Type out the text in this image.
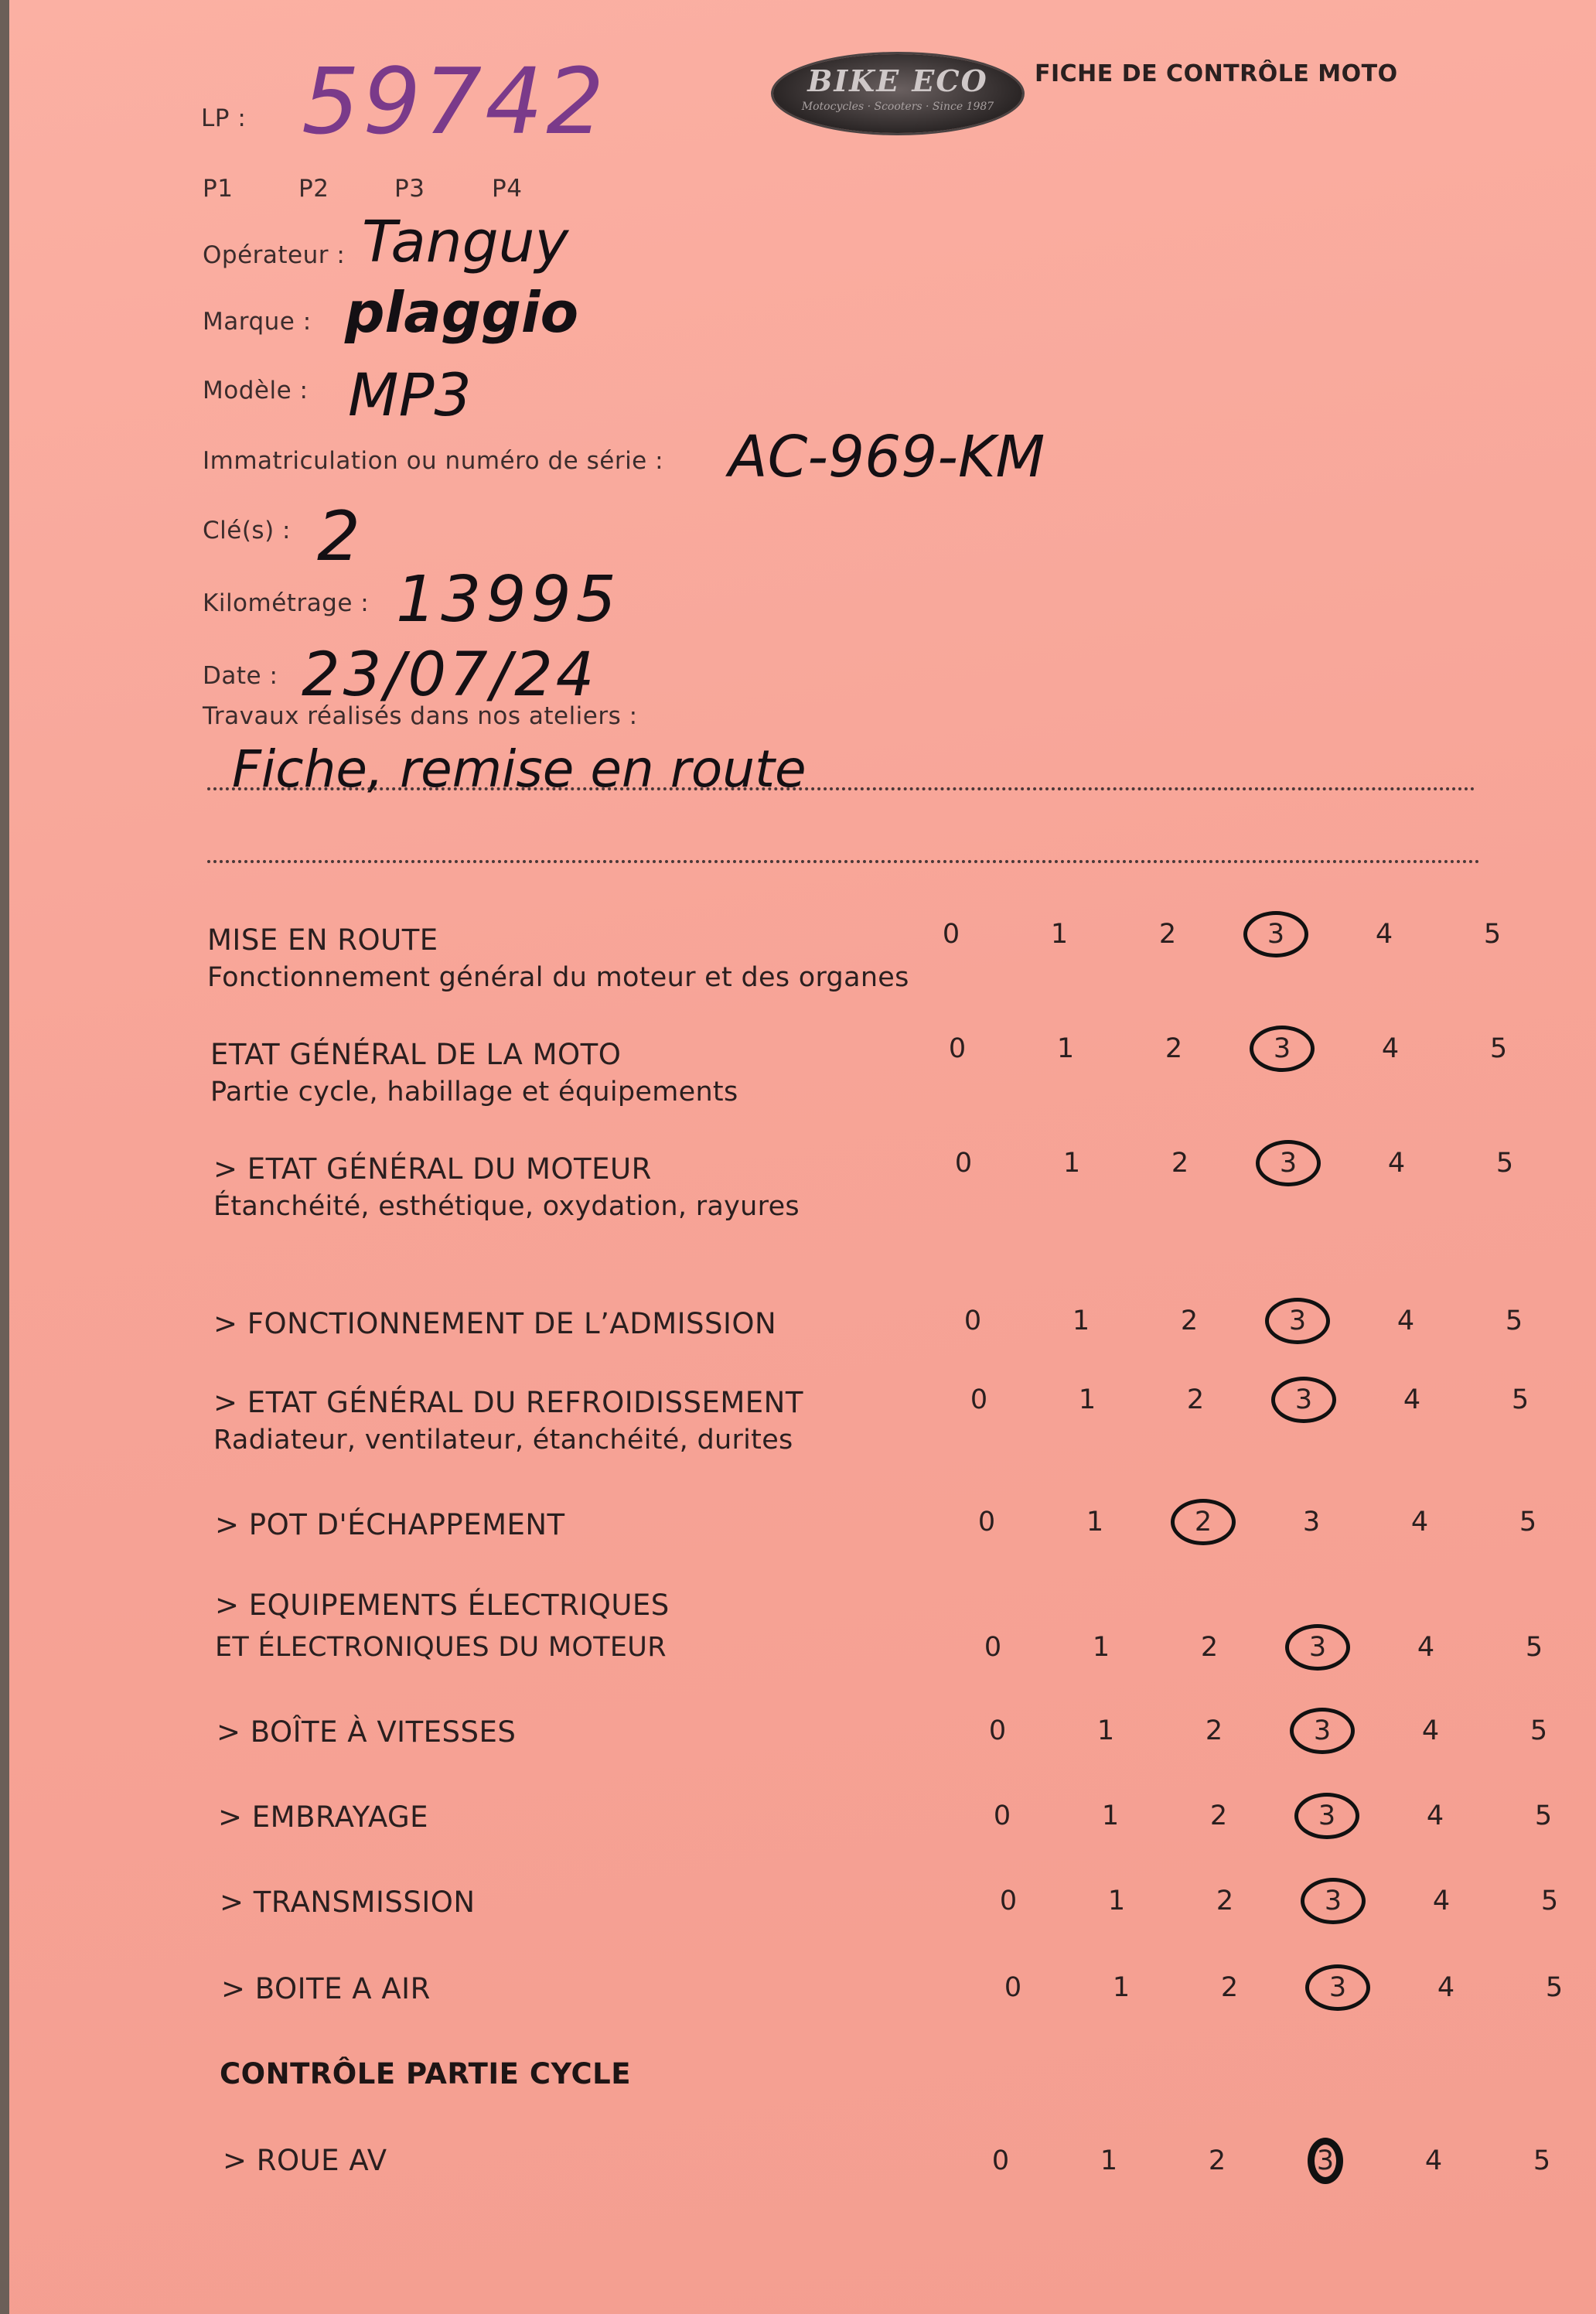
BIKE ECO
Motocycles · Scooters · Since 1987
FICHE DE CONTRÔLE MOTO
LP : 59742
P1	P2	P3	P4
Opérateur : Tanguy
Marque : plaggio
Modèle : MP3
Immatriculation ou numéro de série : AC-969-KM
Clé(s) : 2
Kilométrage : 13995
Date : 23/07/24
Travaux réalisés dans nos ateliers :
Fiche, remise en route
MISE EN ROUTE
Fonctionnement général du moteur et des organes
0	1	2	3	4	5
ETAT GÉNÉRAL DE LA MOTO
Partie cycle, habillage et équipements
0	1	2	3	4	5
> ETAT GÉNÉRAL DU MOTEUR
Étanchéité, esthétique, oxydation, rayures
0	1	2	3	4	5
> FONCTIONNEMENT DE L’ADMISSION	0	1	2	3	4	5
> ETAT GÉNÉRAL DU REFROIDISSEMENT
Radiateur, ventilateur, étanchéité, durites
0	1	2	3	4	5
> POT D'ÉCHAPPEMENT	0	1	2	3	4	5
> EQUIPEMENTS ÉLECTRIQUES
ET ÉLECTRONIQUES DU MOTEUR	0	1	2	3	4	5
> BOÎTE À VITESSES	0	1	2	3	4	5
> EMBRAYAGE	0	1	2	3	4	5
> TRANSMISSION	0	1	2	3	4	5
> BOITE A AIR	0	1	2	3	4	5
CONTRÔLE PARTIE CYCLE
> ROUE AV	0	1	2	3	4	5
